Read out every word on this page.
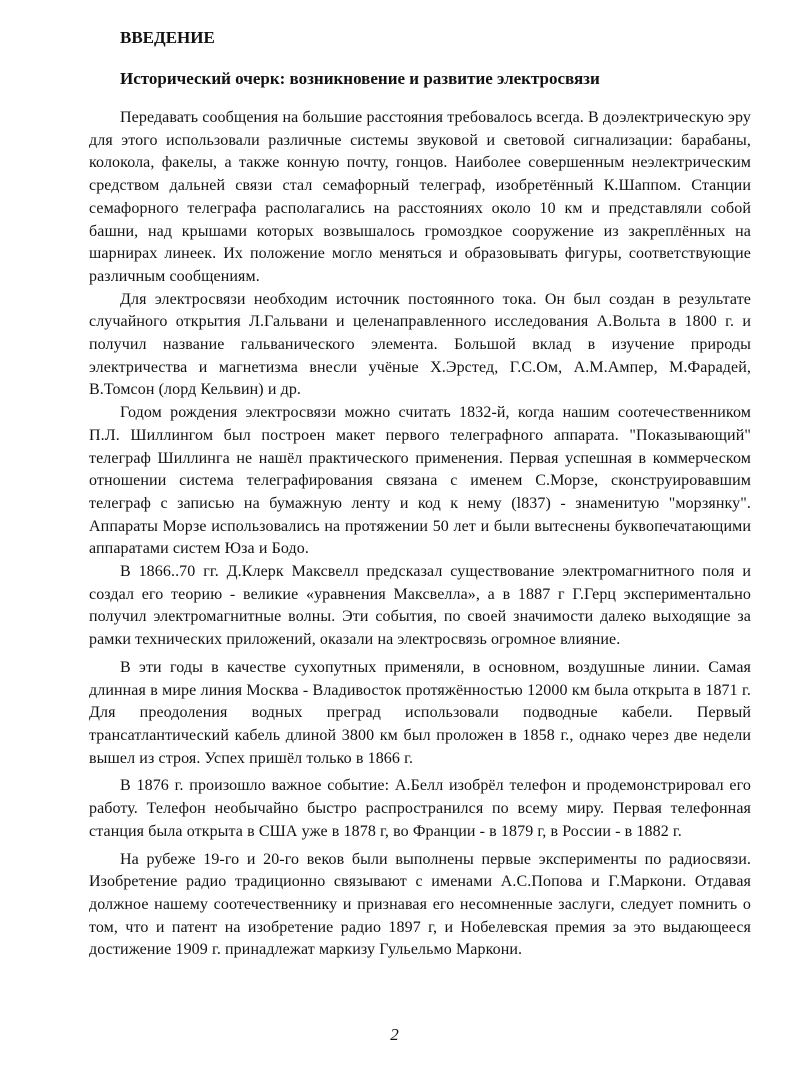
ВВЕДЕНИЕ
Исторический очерк: возникновение и развитие электросвязи

Передавать сообщения на большие расстояния требовалось всегда. В доэлектрическую эру для этого использовали различные системы звуковой и световой сигнализации: барабаны, колокола, факелы, а также конную почту, гонцов. Наиболее совершенным неэлектрическим средством дальней связи стал семафорный телеграф, изобретённый К.Шаппом. Станции семафорного телеграфа располагались на расстояниях около 10 км и представляли собой башни, над крышами которых возвышалось громоздкое сооружение из закреплённых на шарнирах линеек. Их положение могло меняться и образовывать фигуры, соответствующие различным сообщениям.

Для электросвязи необходим источник постоянного тока. Он был создан в результате случайного открытия Л.Гальвани и целенаправленного исследования А.Вольта в 1800 г. и получил название гальванического элемента. Большой вклад в изучение природы электричества и магнетизма внесли учёные Х.Эрстед, Г.С.Ом, А.М.Ампер, М.Фарадей, В.Томсон (лорд Кельвин) и др.

Годом рождения электросвязи можно считать 1832-й, когда нашим соотечественником П.Л. Шиллингом был построен макет первого телеграфного аппарата. "Показывающий" телеграф Шиллинга не нашёл практического применения. Первая успешная в коммерческом отношении система телеграфирования связана с именем С.Морзе, сконструировавшим телеграф с записью на бумажную ленту и код к нему (l837) - знаменитую "морзянку". Аппараты Морзе использовались на протяжении 50 лет и были вытеснены буквопечатающими аппаратами систем Юза и Бодо.

В 1866..70 гг. Д.Клерк Максвелл предсказал существование электромагнитного поля и создал его теорию - великие «уравнения Максвелла», а в 1887 г Г.Герц экспериментально получил электромагнитные волны. Эти события, по своей значимости далеко выходящие за рамки технических приложений, оказали на электросвязь огромное влияние.

В эти годы в качестве сухопутных применяли, в основном, воздушные линии. Самая длинная в мире линия Москва - Владивосток протяжённостью 12000 км была открыта в 1871 г. Для преодоления водных преград использовали подводные кабели. Первый трансатлантический кабель длиной 3800 км был проложен в 1858 г., однако через две недели вышел из строя. Успех пришёл только в 1866 г.

В 1876 г. произошло важное событие: А.Белл изобрёл телефон и продемонстрировал его работу. Телефон необычайно быстро распространился по всему миру. Первая телефонная станция была открыта в США уже в 1878 г, во Франции - в 1879 г, в России - в 1882 г.

На рубеже 19-го и 20-го веков были выполнены первые эксперименты по радиосвязи. Изобретение радио традиционно связывают с именами А.С.Попова и Г.Маркони. Отдавая должное нашему соотечественнику и признавая его несомненные заслуги, следует помнить о том, что и патент на изобретение радио 1897 г, и Нобелевская премия за это выдающееся достижение 1909 г. принадлежат маркизу Гульельмо Маркони.

2
